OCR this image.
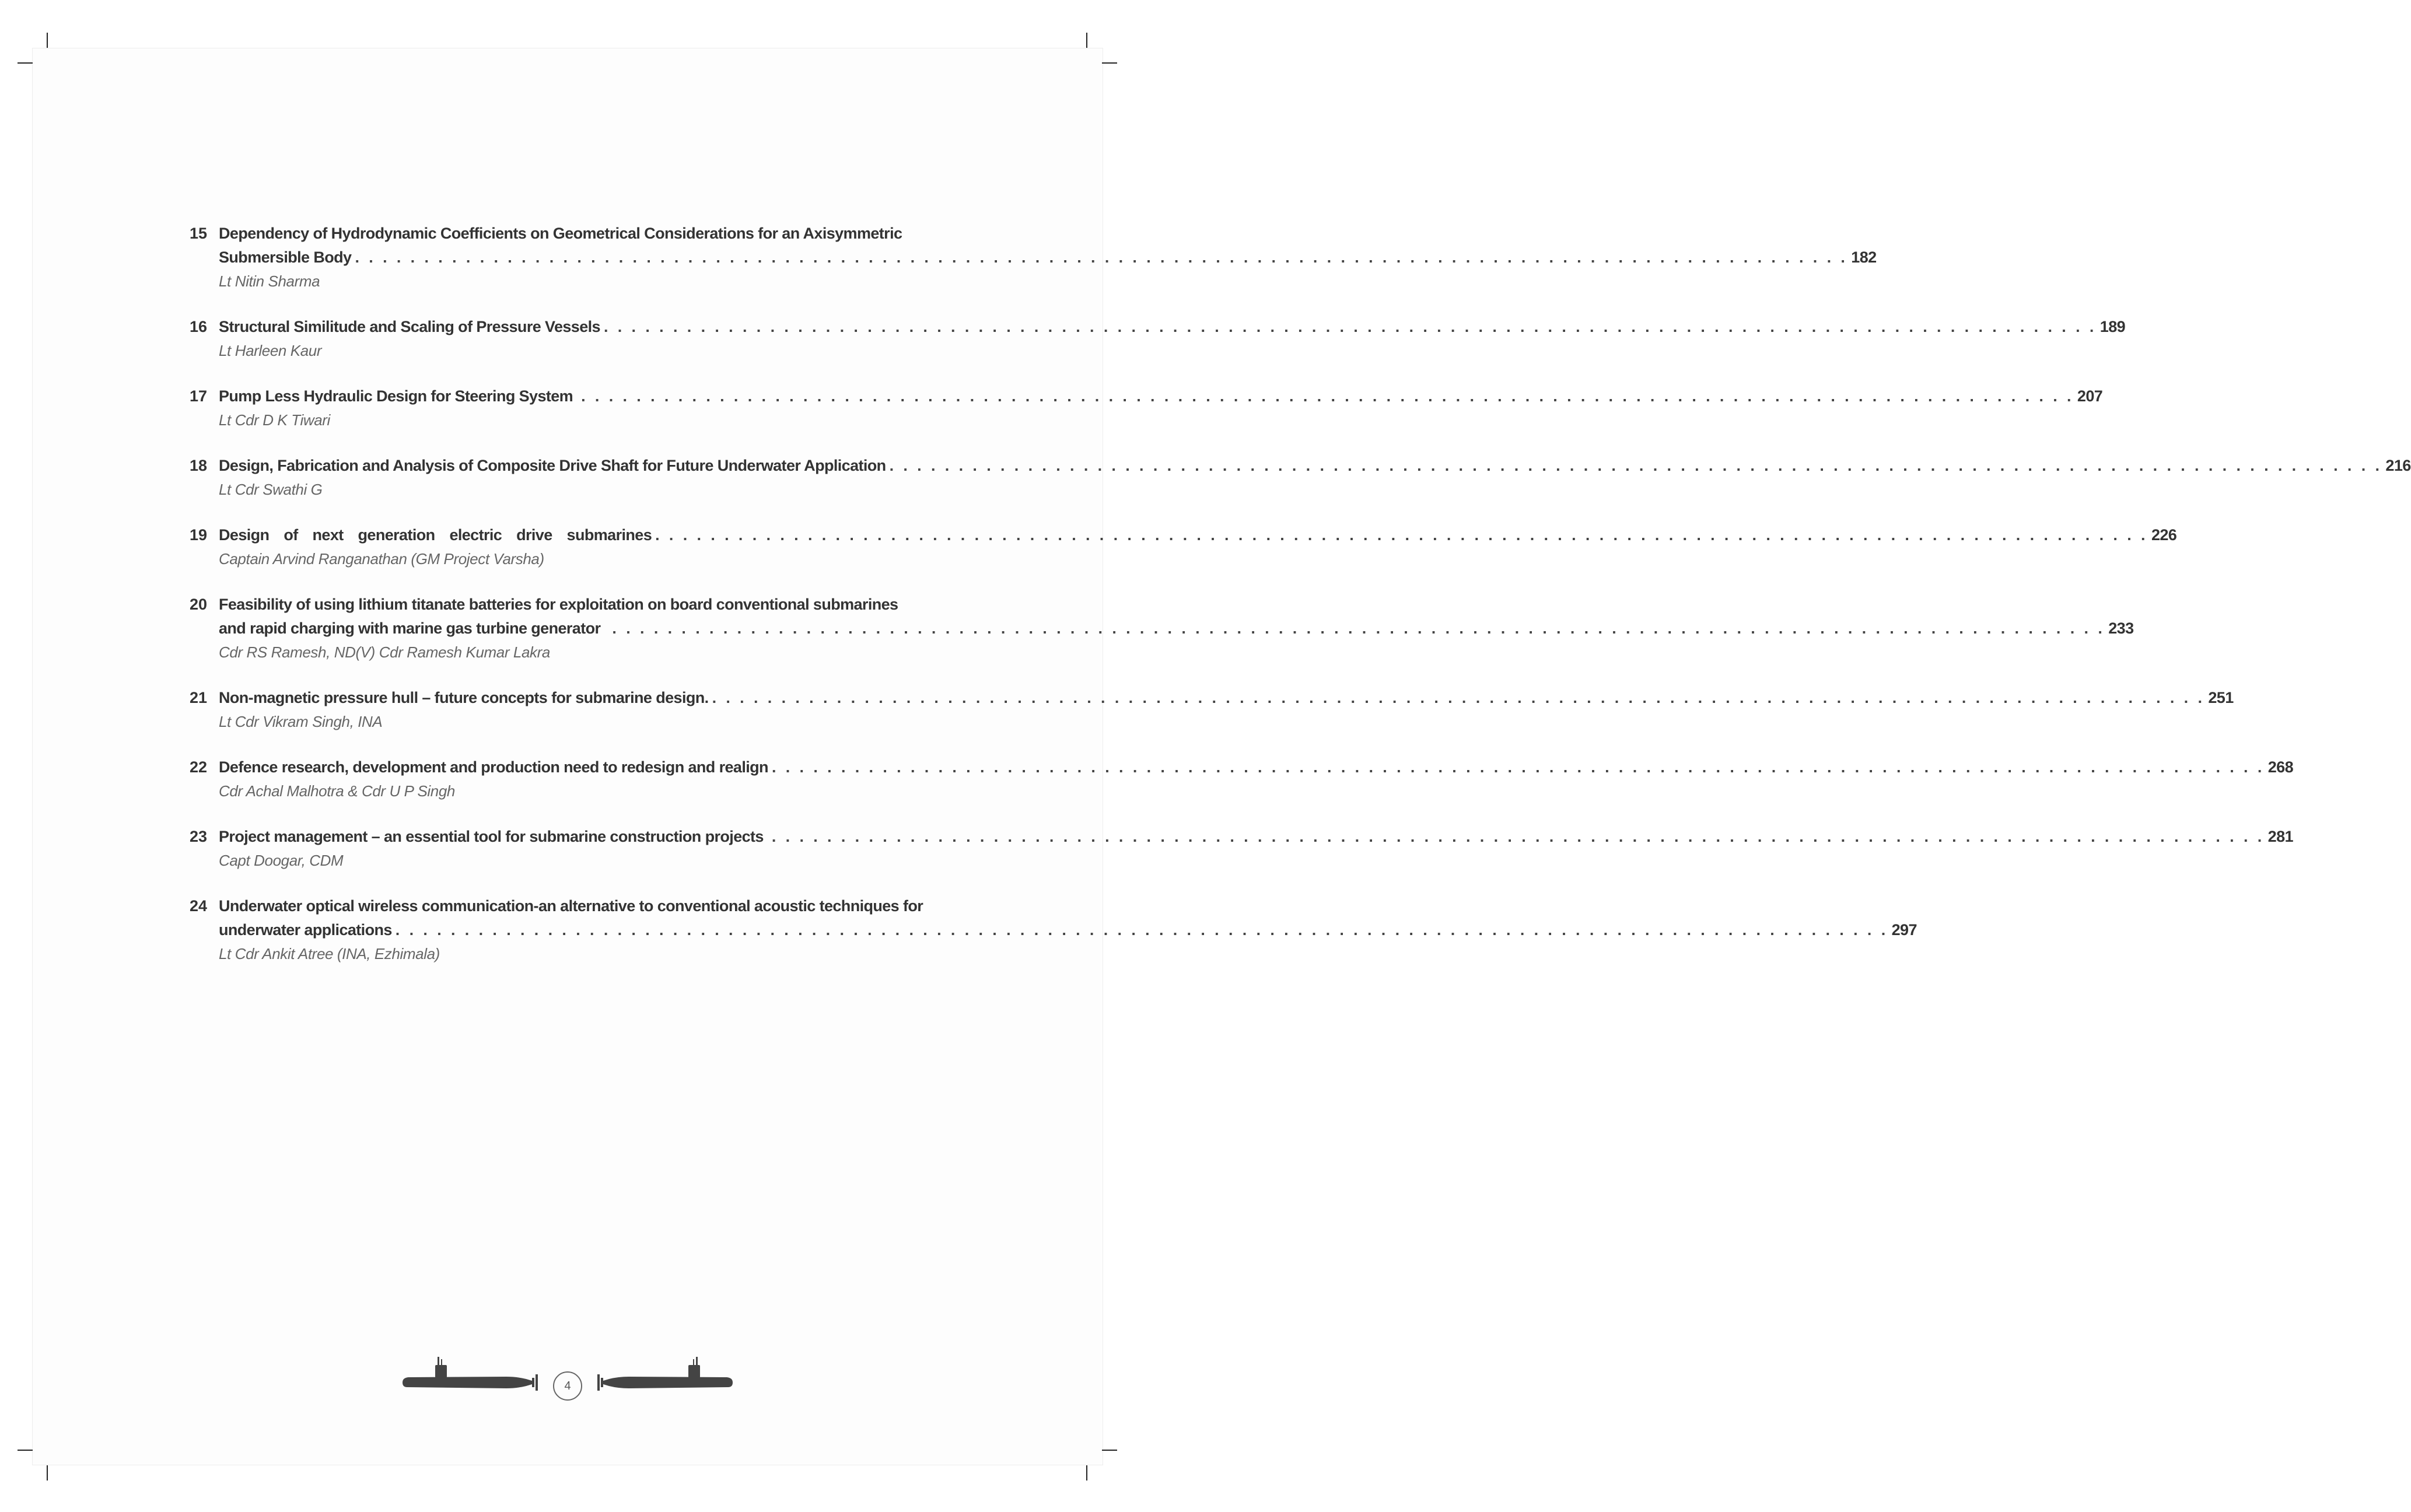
15 Dependency of Hydrodynamic Coefficients on Geometrical Considerations for an Axisymmetric
Submersible Body . . . . . . . . . . . . . . . . . . . . . . . . . . . . . . . . . . . . . . . . . . . . . . . . . . . . . . . . . . . . . . . . . . . . . . . . . . . . . . . . . . . . . . . . . . . . . . . . . . . . . . . . . . . . 182
Lt Nitin Sharma
16 Structural Similitude and Scaling of Pressure Vessels . . . . . . . . . . . . . . . . . . . . . . . . . . . . . . . . . . . . . . . . . . . . . . . . . . . . . . . . . . . . . . . . . . . . . . . . . . . . . . . . . . . . . . . . . . . . . . . . . . . . . . . . . . . . 189
Lt Harleen Kaur
17 Pump Less Hydraulic Design for Steering System . . . . . . . . . . . . . . . . . . . . . . . . . . . . . . . . . . . . . . . . . . . . . . . . . . . . . . . . . . . . . . . . . . . . . . . . . . . . . . . . . . . . . . . . . . . . . . . . . . . . . . . . . . . . 207
Lt Cdr D K Tiwari
18 Design, Fabrication and Analysis of Composite Drive Shaft for Future Underwater Application . . . . . . . . . . . . . . . . . . . . . . . . . . . . . . . . . . . . . . . . . . . . . . . . . . . . . . . . . . . . . . . . . . . . . . . . . . . . . . . . . . . . . . . . . . . . . . . . . . . . . . . . . . . . 216
Lt Cdr Swathi G
19 Design of next generation electric drive submarines . . . . . . . . . . . . . . . . . . . . . . . . . . . . . . . . . . . . . . . . . . . . . . . . . . . . . . . . . . . . . . . . . . . . . . . . . . . . . . . . . . . . . . . . . . . . . . . . . . . . . . . . . . . . 226
Captain Arvind Ranganathan (GM Project Varsha)
20 Feasibility of using lithium titanate batteries for exploitation on board conventional submarines
and rapid charging with marine gas turbine generator . . . . . . . . . . . . . . . . . . . . . . . . . . . . . . . . . . . . . . . . . . . . . . . . . . . . . . . . . . . . . . . . . . . . . . . . . . . . . . . . . . . . . . . . . . . . . . . . . . . . . . . . . . . . 233
Cdr RS Ramesh, ND(V) Cdr Ramesh Kumar Lakra
21 Non-magnetic pressure hull – future concepts for submarine design. . . . . . . . . . . . . . . . . . . . . . . . . . . . . . . . . . . . . . . . . . . . . . . . . . . . . . . . . . . . . . . . . . . . . . . . . . . . . . . . . . . . . . . . . . . . . . . . . . . . . . . . . . . . . 251
Lt Cdr Vikram Singh, INA
22 Defence research, development and production need to redesign and realign . . . . . . . . . . . . . . . . . . . . . . . . . . . . . . . . . . . . . . . . . . . . . . . . . . . . . . . . . . . . . . . . . . . . . . . . . . . . . . . . . . . . . . . . . . . . . . . . . . . . . . . . . . . . 268
Cdr Achal Malhotra & Cdr U P Singh
23 Project management – an essential tool for submarine construction projects . . . . . . . . . . . . . . . . . . . . . . . . . . . . . . . . . . . . . . . . . . . . . . . . . . . . . . . . . . . . . . . . . . . . . . . . . . . . . . . . . . . . . . . . . . . . . . . . . . . . . . . . . . . . 281
Capt Doogar, CDM
24 Underwater optical wireless communication-an alternative to conventional acoustic techniques for
underwater applications . . . . . . . . . . . . . . . . . . . . . . . . . . . . . . . . . . . . . . . . . . . . . . . . . . . . . . . . . . . . . . . . . . . . . . . . . . . . . . . . . . . . . . . . . . . . . . . . . . . . . . . . . . . . 297
Lt Cdr Ankit Atree (INA, Ezhimala)
4
